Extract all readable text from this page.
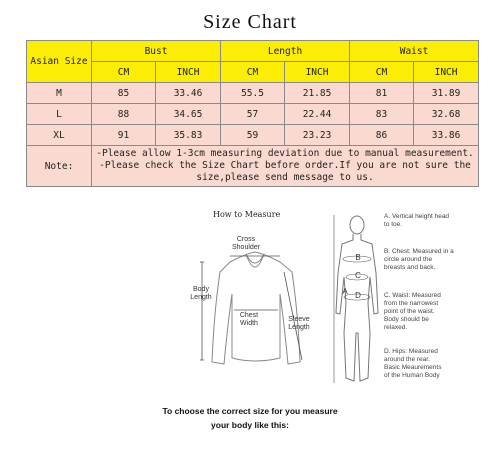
Size Chart
Asian Size	Bust		Length		Waist	
	CM	INCH	CM	INCH	CM	INCH
M	85	33.46	55.5	21.85	81	31.89
L	88	34.65	57	22.44	83	32.68
XL	91	35.83	59	23.23	86	33.86
Note:	-Please allow 1-3cm measuring deviation due to manual measurement.
-Please check the Size Chart before order.If you are not sure the
size,please send message to us.					
How to Measure
Cross
Shoulder
Body
Length
Chest
Width
Sleeve
Length
A
B
C
D
A. Vertical height head
to toe.
B. Chest: Measured in a
circle around the
breasts and back.
C. Waist: Measured
from the narrowest
point of the waist.
Body should be
relaxed.
D. Hips: Measured
around the rear.
Basic Meaurements
of the Human Body
To choose the correct size for you measure
your body like this:
